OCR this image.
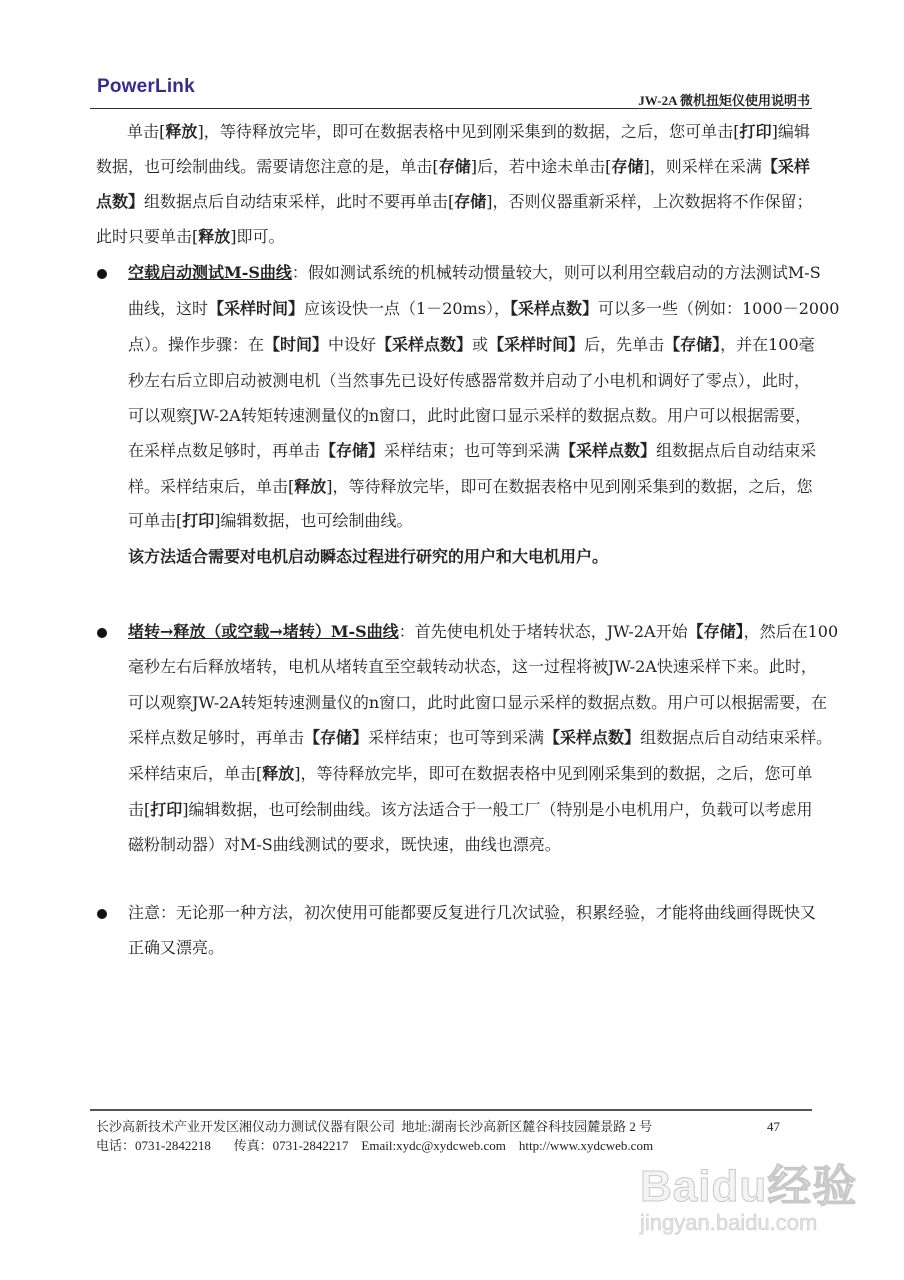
PowerLink
JW-2A 微机扭矩仪使用说明书
单击[释放]，等待释放完毕，即可在数据表格中见到刚采集到的数据，之后，您可单击[打印]编辑
数据，也可绘制曲线。需要请您注意的是，单击[存储]后，若中途未单击[存储]，则采样在采满【采样
点数】组数据点后自动结束采样，此时不要再单击[存储]，否则仪器重新采样，上次数据将不作保留；
此时只要单击[释放]即可。
空载启动测试M-S曲线：假如测试系统的机械转动惯量较大，则可以利用空载启动的方法测试M-S
曲线，这时【采样时间】应该设快一点（1－20ms），【采样点数】可以多一些（例如：1000－2000
点）。操作步骤：在【时间】中设好【采样点数】或【采样时间】后，先单击【存储】，并在100毫
秒左右后立即启动被测电机（当然事先已设好传感器常数并启动了小电机和调好了零点），此时，
可以观察JW-2A转矩转速测量仪的n窗口，此时此窗口显示采样的数据点数。用户可以根据需要，
在采样点数足够时，再单击【存储】采样结束；也可等到采满【采样点数】组数据点后自动结束采
样。采样结束后，单击[释放]，等待释放完毕，即可在数据表格中见到刚采集到的数据，之后，您
可单击[打印]编辑数据，也可绘制曲线。
该方法适合需要对电机启动瞬态过程进行研究的用户和大电机用户。
堵转→释放（或空载→堵转）M-S曲线：首先使电机处于堵转状态，JW-2A开始【存储】，然后在100
毫秒左右后释放堵转，电机从堵转直至空载转动状态，这一过程将被JW-2A快速采样下来。此时，
可以观察JW-2A转矩转速测量仪的n窗口，此时此窗口显示采样的数据点数。用户可以根据需要，在
采样点数足够时，再单击【存储】采样结束；也可等到采满【采样点数】组数据点后自动结束采样。
采样结束后，单击[释放]，等待释放完毕，即可在数据表格中见到刚采集到的数据，之后，您可单
击[打印]编辑数据，也可绘制曲线。该方法适合于一般工厂（特别是小电机用户，负载可以考虑用
磁粉制动器）对M-S曲线测试的要求，既快速，曲线也漂亮。
注意：无论那一种方法，初次使用可能都要反复进行几次试验，积累经验，才能将曲线画得既快又
正确又漂亮。
长沙高新技术产业开发区湘仪动力测试仪器有限公司  地址:湖南长沙高新区麓谷科技园麓景路 2 号	47
电话：0731-2842218       传真：0731-2842217    Email:xydc@xydcweb.com    http://www.xydcweb.com
Baidu经验
jingyan.baidu.com
